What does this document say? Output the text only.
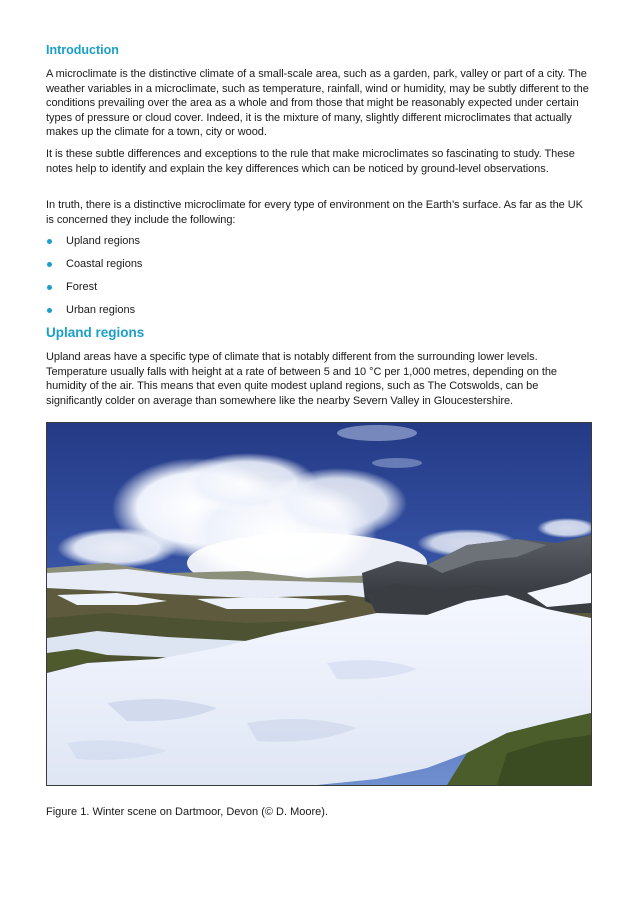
Introduction

A microclimate is the distinctive climate of a small-scale area, such as a garden, park, valley or part of a city. The weather variables in a microclimate, such as temperature, rainfall, wind or humidity, may be subtly different to the conditions prevailing over the area as a whole and from those that might be reasonably expected under certain types of pressure or cloud cover. Indeed, it is the mixture of many, slightly different microclimates that actually makes up the climate for a town, city or wood.

It is these subtle differences and exceptions to the rule that make microclimates so fascinating to study. These notes help to identify and explain the key differences which can be noticed by ground-level observations.

In truth, there is a distinctive microclimate for every type of environment on the Earth’s surface. As far as the UK is concerned they include the following:

Upland regions
Coastal regions
Forest
Urban regions
Upland regions

Upland areas have a specific type of climate that is notably different from the surrounding lower levels. Temperature usually falls with height at a rate of between 5 and 10 °C per 1,000 metres, depending on the humidity of the air. This means that even quite modest upland regions, such as The Cotswolds, can be significantly colder on average than somewhere like the nearby Severn Valley in Gloucestershire.

Figure 1. Winter scene on Dartmoor, Devon (© D. Moore).
